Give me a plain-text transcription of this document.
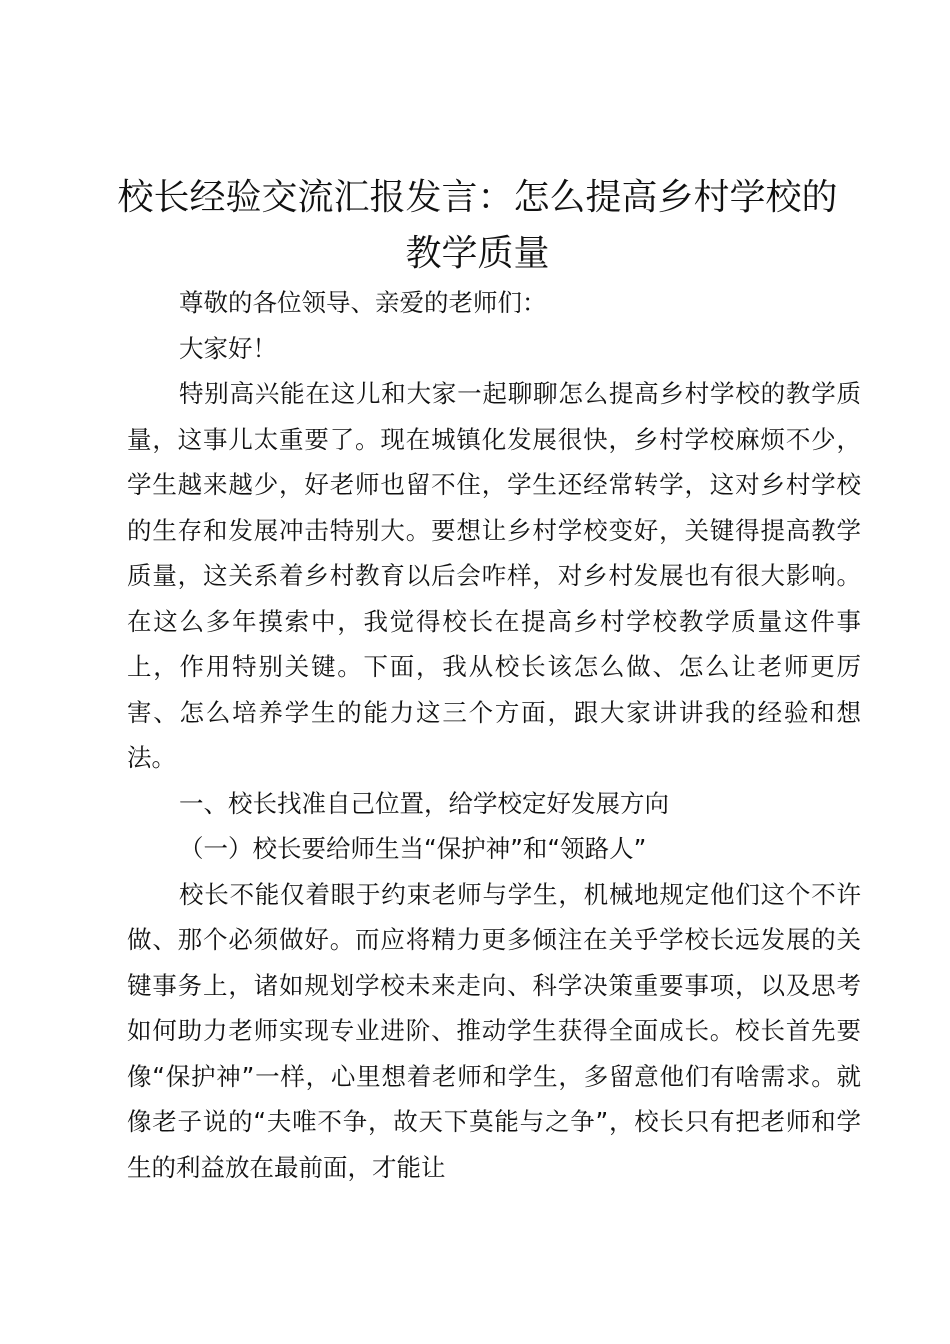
校长经验交流汇报发言：怎么提高乡村学校的教学质量

尊敬的各位领导、亲爱的老师们：

大家好！

特别高兴能在这儿和大家一起聊聊怎么提高乡村学校的教学质量，这事儿太重要了。现在城镇化发展很快，乡村学校麻烦不少，学生越来越少，好老师也留不住，学生还经常转学，这对乡村学校的生存和发展冲击特别大。要想让乡村学校变好，关键得提高教学质量，这关系着乡村教育以后会咋样，对乡村发展也有很大影响。在这么多年摸索中，我觉得校长在提高乡村学校教学质量这件事上，作用特别关键。下面，我从校长该怎么做、怎么让老师更厉害、怎么培养学生的能力这三个方面，跟大家讲讲我的经验和想法。

一、校长找准自己位置，给学校定好发展方向

（一）校长要给师生当“保护神”和“领路人”

校长不能仅着眼于约束老师与学生，机械地规定他们这个不许做、那个必须做好。而应将精力更多倾注在关乎学校长远发展的关键事务上，诸如规划学校未来走向、科学决策重要事项，以及思考如何助力老师实现专业进阶、推动学生获得全面成长。校长首先要像“保护神”一样，心里想着老师和学生，多留意他们有啥需求。就像老子说的“夫唯不争，故天下莫能与之争”，校长只有把老师和学生的利益放在最前面，才能让
